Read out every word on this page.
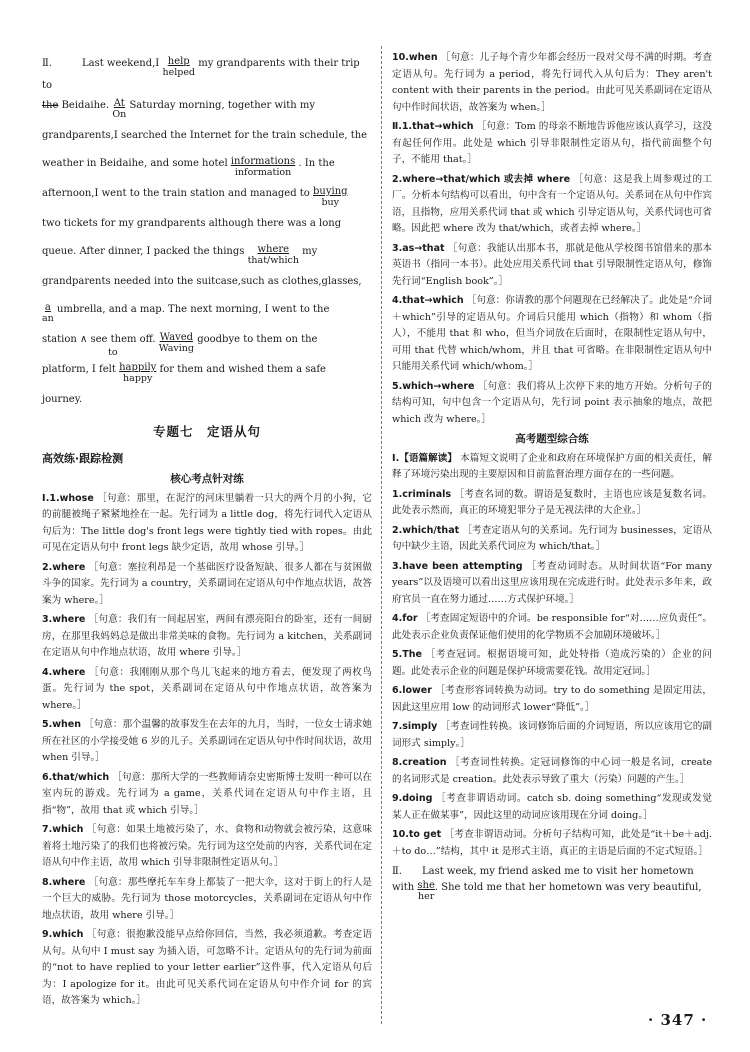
Ⅱ.　　　	Last weekend,I help
helped
my grandparents with their trip to
the Beidaihe. $\frac{At}{On}$ Saturday morning, together with my
grandparents,I searched the Internet for the train schedule, the
weather in Beidaihe, and some hotel informations
information
. In the
afternoon,I went to the train station and managed to buying
buy
two tickets for my grandparents although there was a long
queue. After dinner, I packed the things	where
that/which
my
grandparents needed into the suitcase,such as clothes,glasses,
$\frac{a}{an}$ umbrella, and a map. The next morning, I went to the
station ∧ see them off. Waved
Waving
goodbye to them on the
to
platform, I felt happily
happy
for them and wished them a safe
journey.
专题七　定语从句
高效练·跟踪检测
核心考点针对练
Ⅰ.1.whose ［句意：那里，在泥泞的河床里躺着一只大的两个月的小狗，它的前腿被绳子紧紧地拴在一起。先行词为 a little dog，将先行词代入定语从句后为：The little dog's front legs were tightly tied with ropes。由此可见在定语从句中 front legs 缺少定语，故用 whose 引导。］
2.where ［句意：塞拉利昂是一个基础医疗设备短缺、很多人都在与贫困做斗争的国家。先行词为 a country，关系副词在定语从句中作地点状语，故答案为 where。］
3.where ［句意：我们有一间起居室，两间有漂亮阳台的卧室，还有一间厨房，在那里我妈妈总是做出非常美味的食物。先行词为 a kitchen，关系副词在定语从句中作地点状语，故用 where 引导。］
4.where ［句意：我刚刚从那个鸟儿飞起来的地方看去，便发现了两枚鸟蛋。先行词为 the spot，关系副词在定语从句中作地点状语，故答案为 where。］
5.when ［句意：那个温馨的故事发生在去年的九月，当时，一位女士请求她所在社区的小学接受她 6 岁的儿子。关系副词在定语从句中作时间状语，故用 when 引导。］
6.that/which ［句意：那所大学的一些教师请奈史密斯博士发明一种可以在室内玩的游戏。先行词为 a game，关系代词在定语从句中作主语，且指“物”，故用 that 或 which 引导。］
7.which ［句意：如果土地被污染了，水、食物和动物就会被污染，这意味着将土地污染了的我们也将被污染。先行词为这空处前的内容，关系代词在定语从句中作主语，故用 which 引导非限制性定语从句。］
8.where ［句意：那些摩托车车身上都装了一把大伞，这对于街上的行人是一个巨大的威胁。先行词为 those motorcycles，关系副词在定语从句中作地点状语，故用 where 引导。］
9.which ［句意：很抱歉没能早点给你回信，当然，我必须道歉。考查定语从句。从句中 I must say 为插入语，可忽略不计。定语从句的先行词为前面的“not to have replied to your letter earlier”这件事，代入定语从句后为：I apologize for it。由此可见关系代词在定语从句中作介词 for 的宾语，故答案为 which。］
10.when ［句意：儿子每个青少年都会经历一段对父母不满的时期。考查定语从句。先行词为 a period，将先行词代入从句后为：They aren't content with their parents in the period。由此可见关系副词在定语从句中作时间状语，故答案为 when。］
Ⅱ.1.that→which ［句意：Tom 的母亲不断地告诉他应该认真学习，这没有起任何作用。此处是 which 引导非限制性定语从句，指代前面整个句子，不能用 that。］
2.where→that/which 或去掉 where ［句意：这是我上周参观过的工厂。分析本句结构可以看出，句中含有一个定语从句。关系词在从句中作宾语，且指物，应用关系代词 that 或 which 引导定语从句，关系代词也可省略。因此把 where 改为 that/which，或者去掉 where。］
3.as→that ［句意：我能认出那本书，那就是他从学校图书馆借来的那本英语书（指同一本书）。此处应用关系代词 that 引导限制性定语从句，修饰先行词“English book”。］
4.that→which ［句意：你请教的那个问题现在已经解决了。此处是“介词＋which”引导的定语从句。介词后只能用 which（指物）和 whom（指人），不能用 that 和 who，但当介词放在后面时，在限制性定语从句中，可用 that 代替 which/whom，并且 that 可省略。在非限制性定语从句中只能用关系代词 which/whom。］
5.which→where ［句意：我们将从上次停下来的地方开始。分析句子的结构可知，句中包含一个定语从句，先行词 point 表示抽象的地点，故把 which 改为 where。］
高考题型综合练
Ⅰ.【语篇解读】 本篇短文说明了企业和政府在环境保护方面的相关责任，解释了环境污染出现的主要原因和目前监督治理方面存在的一些问题。
1.criminals ［考查名词的数。谓语是复数时，主语也应该是复数名词。此处表示然而，真正的环境犯罪分子是无视法律的大企业。］
2.which/that ［考查定语从句的关系词。先行词为 businesses，定语从句中缺少主语，因此关系代词应为 which/that。］
3.have been attempting ［考查动词时态。从时间状语“For many years”以及语境可以看出这里应该用现在完成进行时。此处表示多年来，政府官员一直在努力通过……方式保护环境。］
4.for ［考查固定短语中的介词。be responsible for“对……应负责任”。此处表示企业负责保证他们使用的化学物质不会加剧环境破坏。］
5.The ［考查冠词。根据语境可知，此处特指（造成污染的）企业的问题。此处表示企业的问题是保护环境需要花钱。故用定冠词。］
6.lower ［考查形容词转换为动词。try to do something 是固定用法，因此这里应用 low 的动词形式 lower“降低”。］
7.simply ［考查词性转换。该词修饰后面的介词短语，所以应该用它的副词形式 simply。］
8.creation ［考查词性转换。定冠词修饰的中心词一般是名词，create 的名词形式是 creation。此处表示导致了重大（污染）问题的产生。］
9.doing ［考查非谓语动词。catch sb. doing something“发现或发觉某人正在做某事”，因此这里的动词应该用现在分词 doing。］
10.to get ［考查非谓语动词。分析句子结构可知，此处是“it＋be＋adj.＋to do…”结构，其中 it 是形式主语，真正的主语是后面的不定式短语。］
Ⅱ.　　 Last week, my friend asked me to visit her hometown
with she
her
. She told me that her hometown was very beautiful,
· 347 ·
